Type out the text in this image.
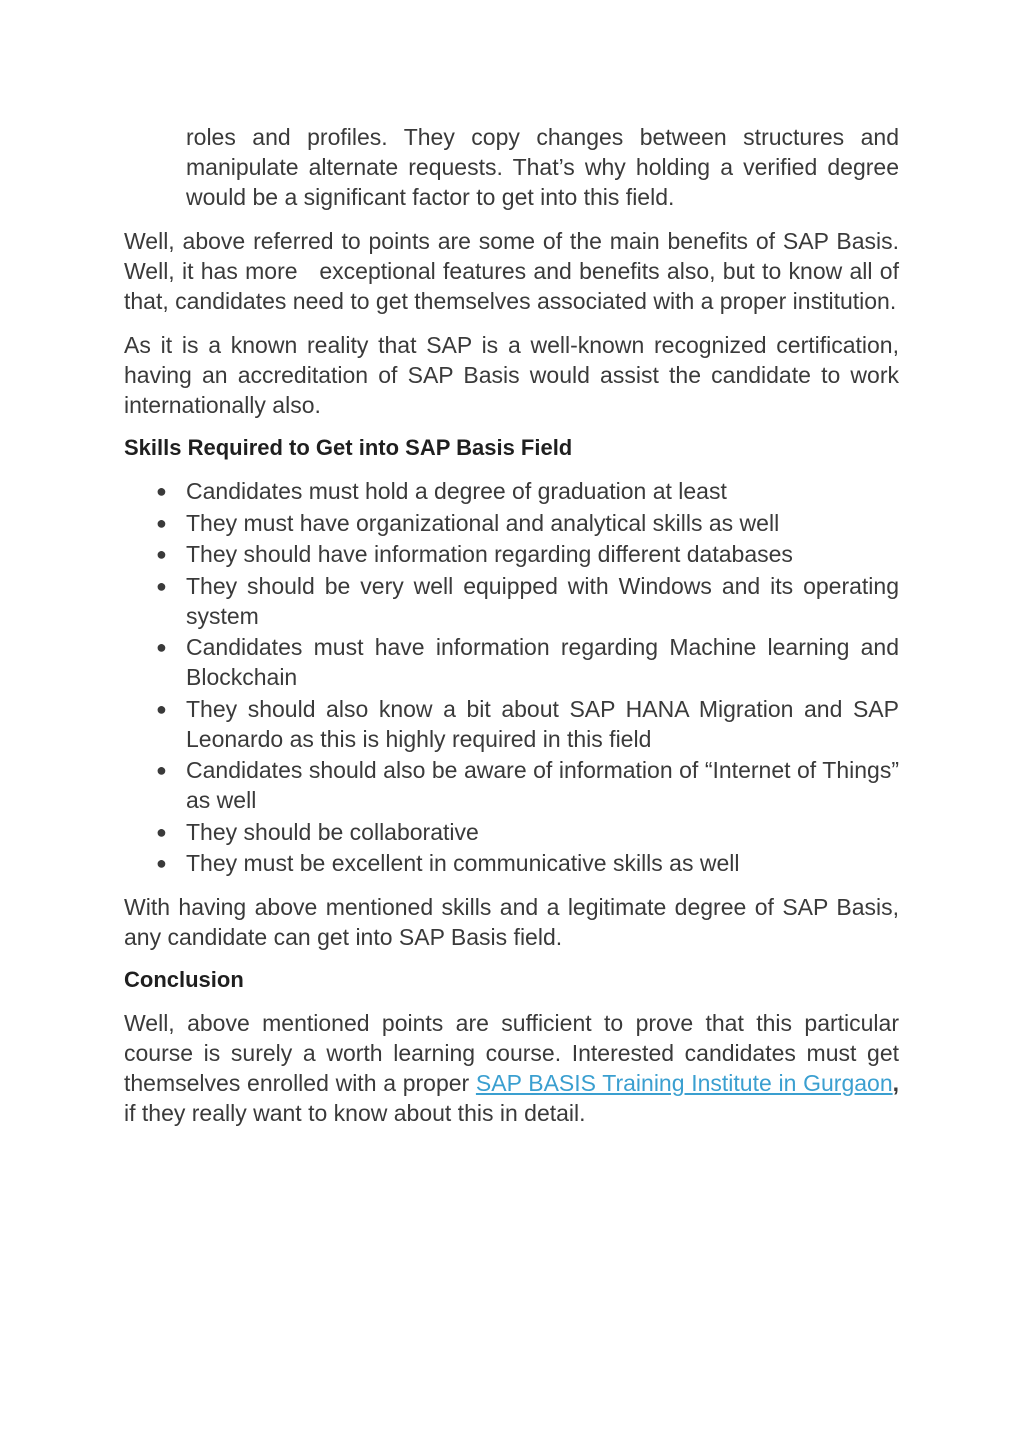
roles and profiles. They copy changes between structures and manipulate alternate requests. That’s why holding a verified degree would be a significant factor to get into this field.

Well, above referred to points are some of the main benefits of SAP Basis. Well, it has more   exceptional features and benefits also, but to know all of that, candidates need to get themselves associated with a proper institution.

As it is a known reality that SAP is a well-known recognized certification, having an accreditation of SAP Basis would assist the candidate to work internationally also.

Skills Required to Get into SAP Basis Field
● Candidates must hold a degree of graduation at least
● They must have organizational and analytical skills as well
● They should have information regarding different databases
● They should be very well equipped with Windows and its operating system
● Candidates must have information regarding Machine learning and Blockchain
● They should also know a bit about SAP HANA Migration and SAP Leonardo as this is highly required in this field
● Candidates should also be aware of information of “Internet of Things” as well
● They should be collaborative
● They must be excellent in communicative skills as well

With having above mentioned skills and a legitimate degree of SAP Basis, any candidate can get into SAP Basis field.

Conclusion

Well, above mentioned points are sufficient to prove that this particular course is surely a worth learning course. Interested candidates must get themselves enrolled with a proper SAP BASIS Training Institute in Gurgaon, if they really want to know about this in detail.
